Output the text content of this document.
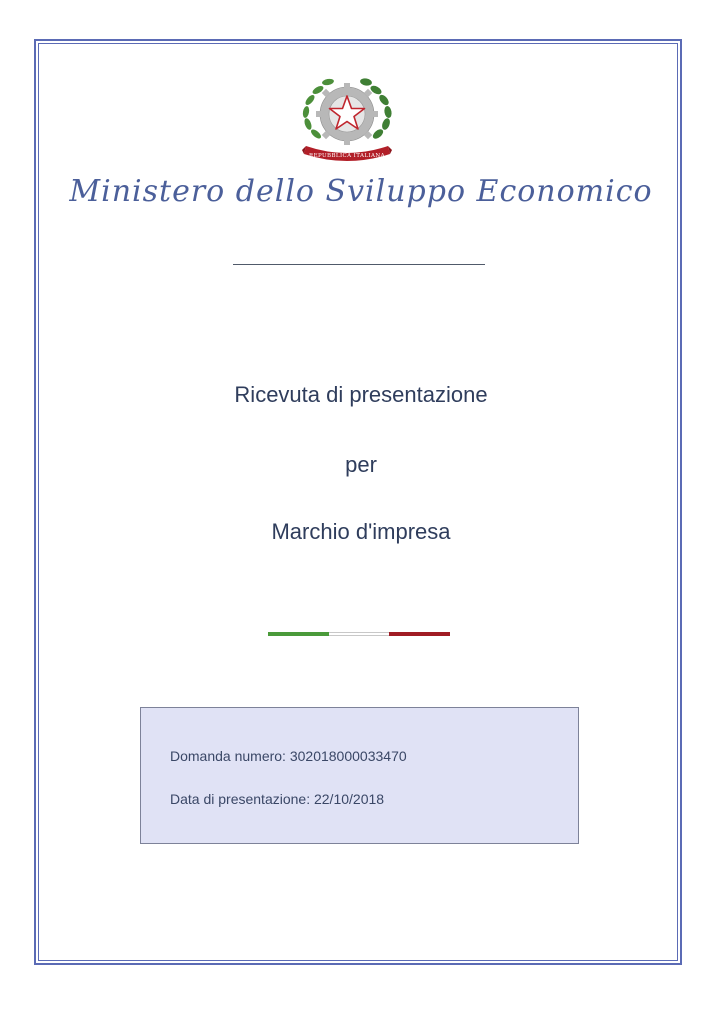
REPUBBLICA ITALIANA
Ministero dello Sviluppo Economico
Ricevuta di presentazione
per
Marchio d'impresa
Domanda numero: 302018000033470
Data di presentazione: 22/10/2018
